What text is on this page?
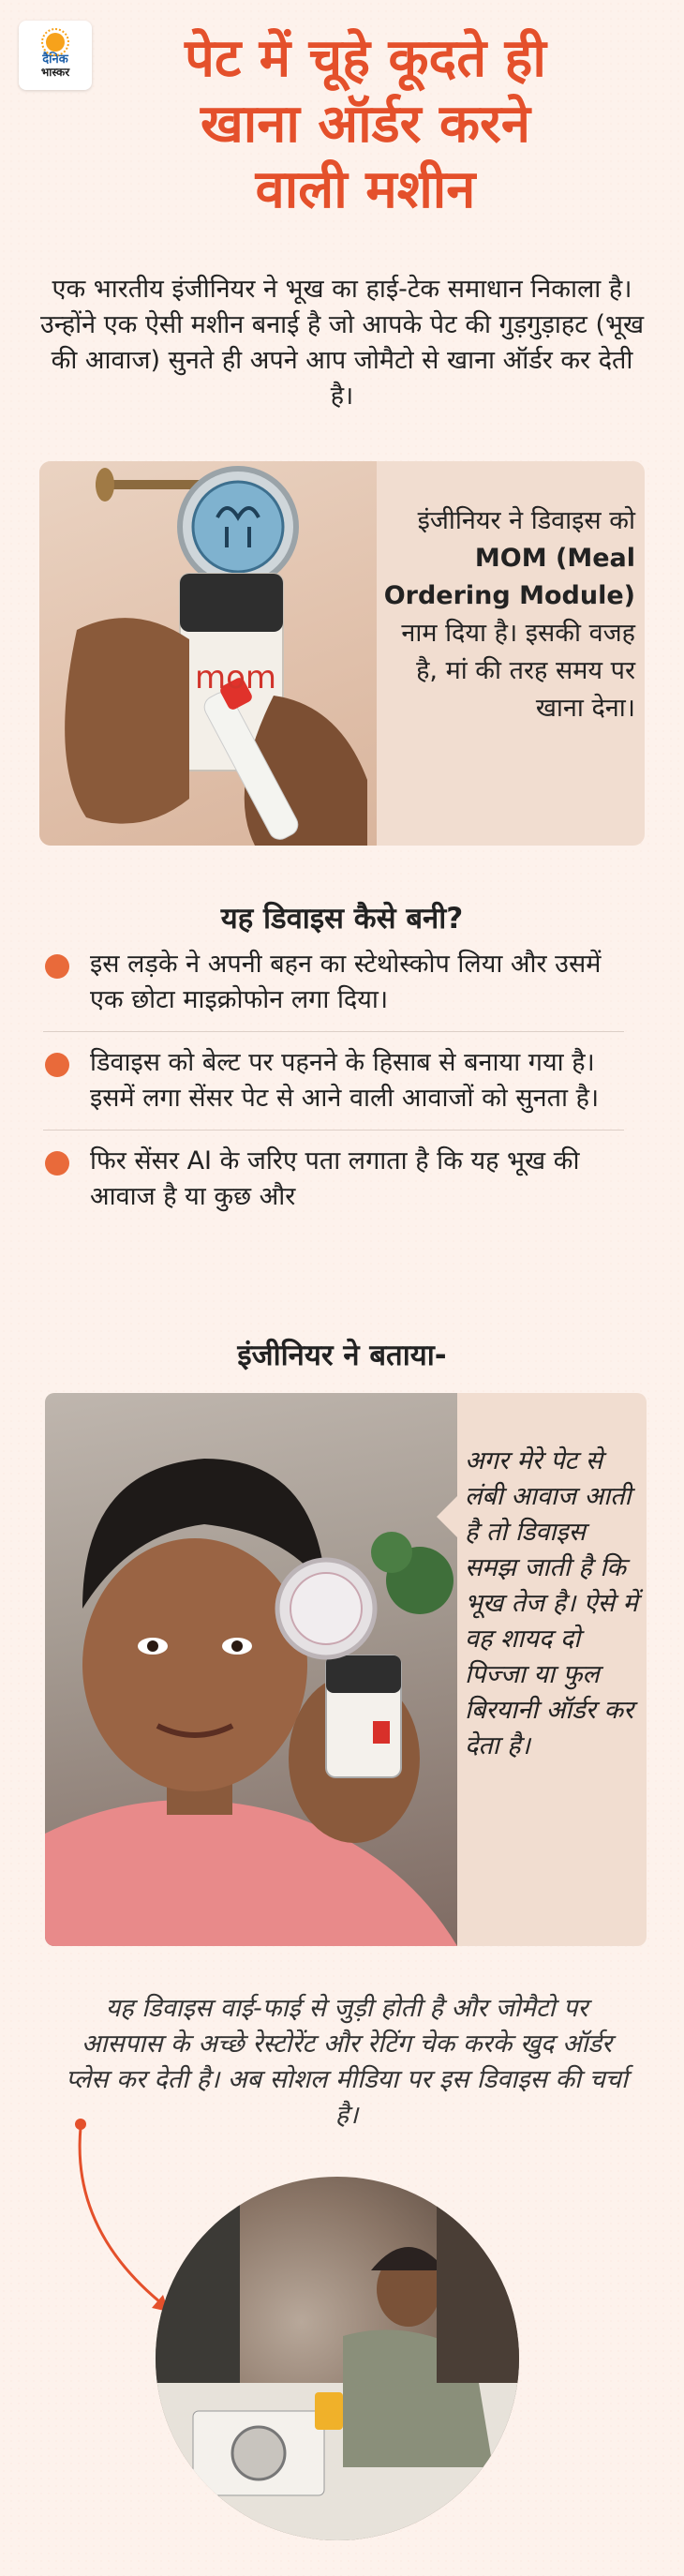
दैनिक
भास्कर	पेट में चूहे कूदते ही
खाना ऑर्डर करने
वाली मशीन
एक भारतीय इंजीनियर ने भूख का हाई-टेक समाधान निकाला है। उन्होंने एक ऐसी मशीन बनाई है जो आपके पेट की गुड़गुड़ाहट (भूख की आवाज) सुनते ही अपने आप जोमैटो से खाना ऑर्डर कर देती है।
mom
इंजीनियर ने डिवाइस को MOM (Meal Ordering Module) नाम दिया है। इसकी वजह है, मां की तरह समय पर खाना देना।
यह डिवाइस कैसे बनी?
इस लड़के ने अपनी बहन का स्टेथोस्कोप लिया और उसमें एक छोटा माइक्रोफोन लगा दिया।
डिवाइस को बेल्ट पर पहनने के हिसाब से बनाया गया है। इसमें लगा सेंसर पेट से आने वाली आवाजों को सुनता है।
फिर सेंसर AI के जरिए पता लगाता है कि यह भूख की आवाज है या कुछ और
इंजीनियर ने बताया-
अगर मेरे पेट से लंबी आवाज आती है तो डिवाइस समझ जाती है कि भूख तेज है। ऐसे में वह शायद दो पिज्जा या फुल बिरयानी ऑर्डर कर देता है।
यह डिवाइस वाई-फाई से जुड़ी होती है और जोमैटो पर आसपास के अच्छे रेस्टोरेंट और रेटिंग चेक करके खुद ऑर्डर प्लेस कर देती है। अब सोशल मीडिया पर इस डिवाइस की चर्चा है।
